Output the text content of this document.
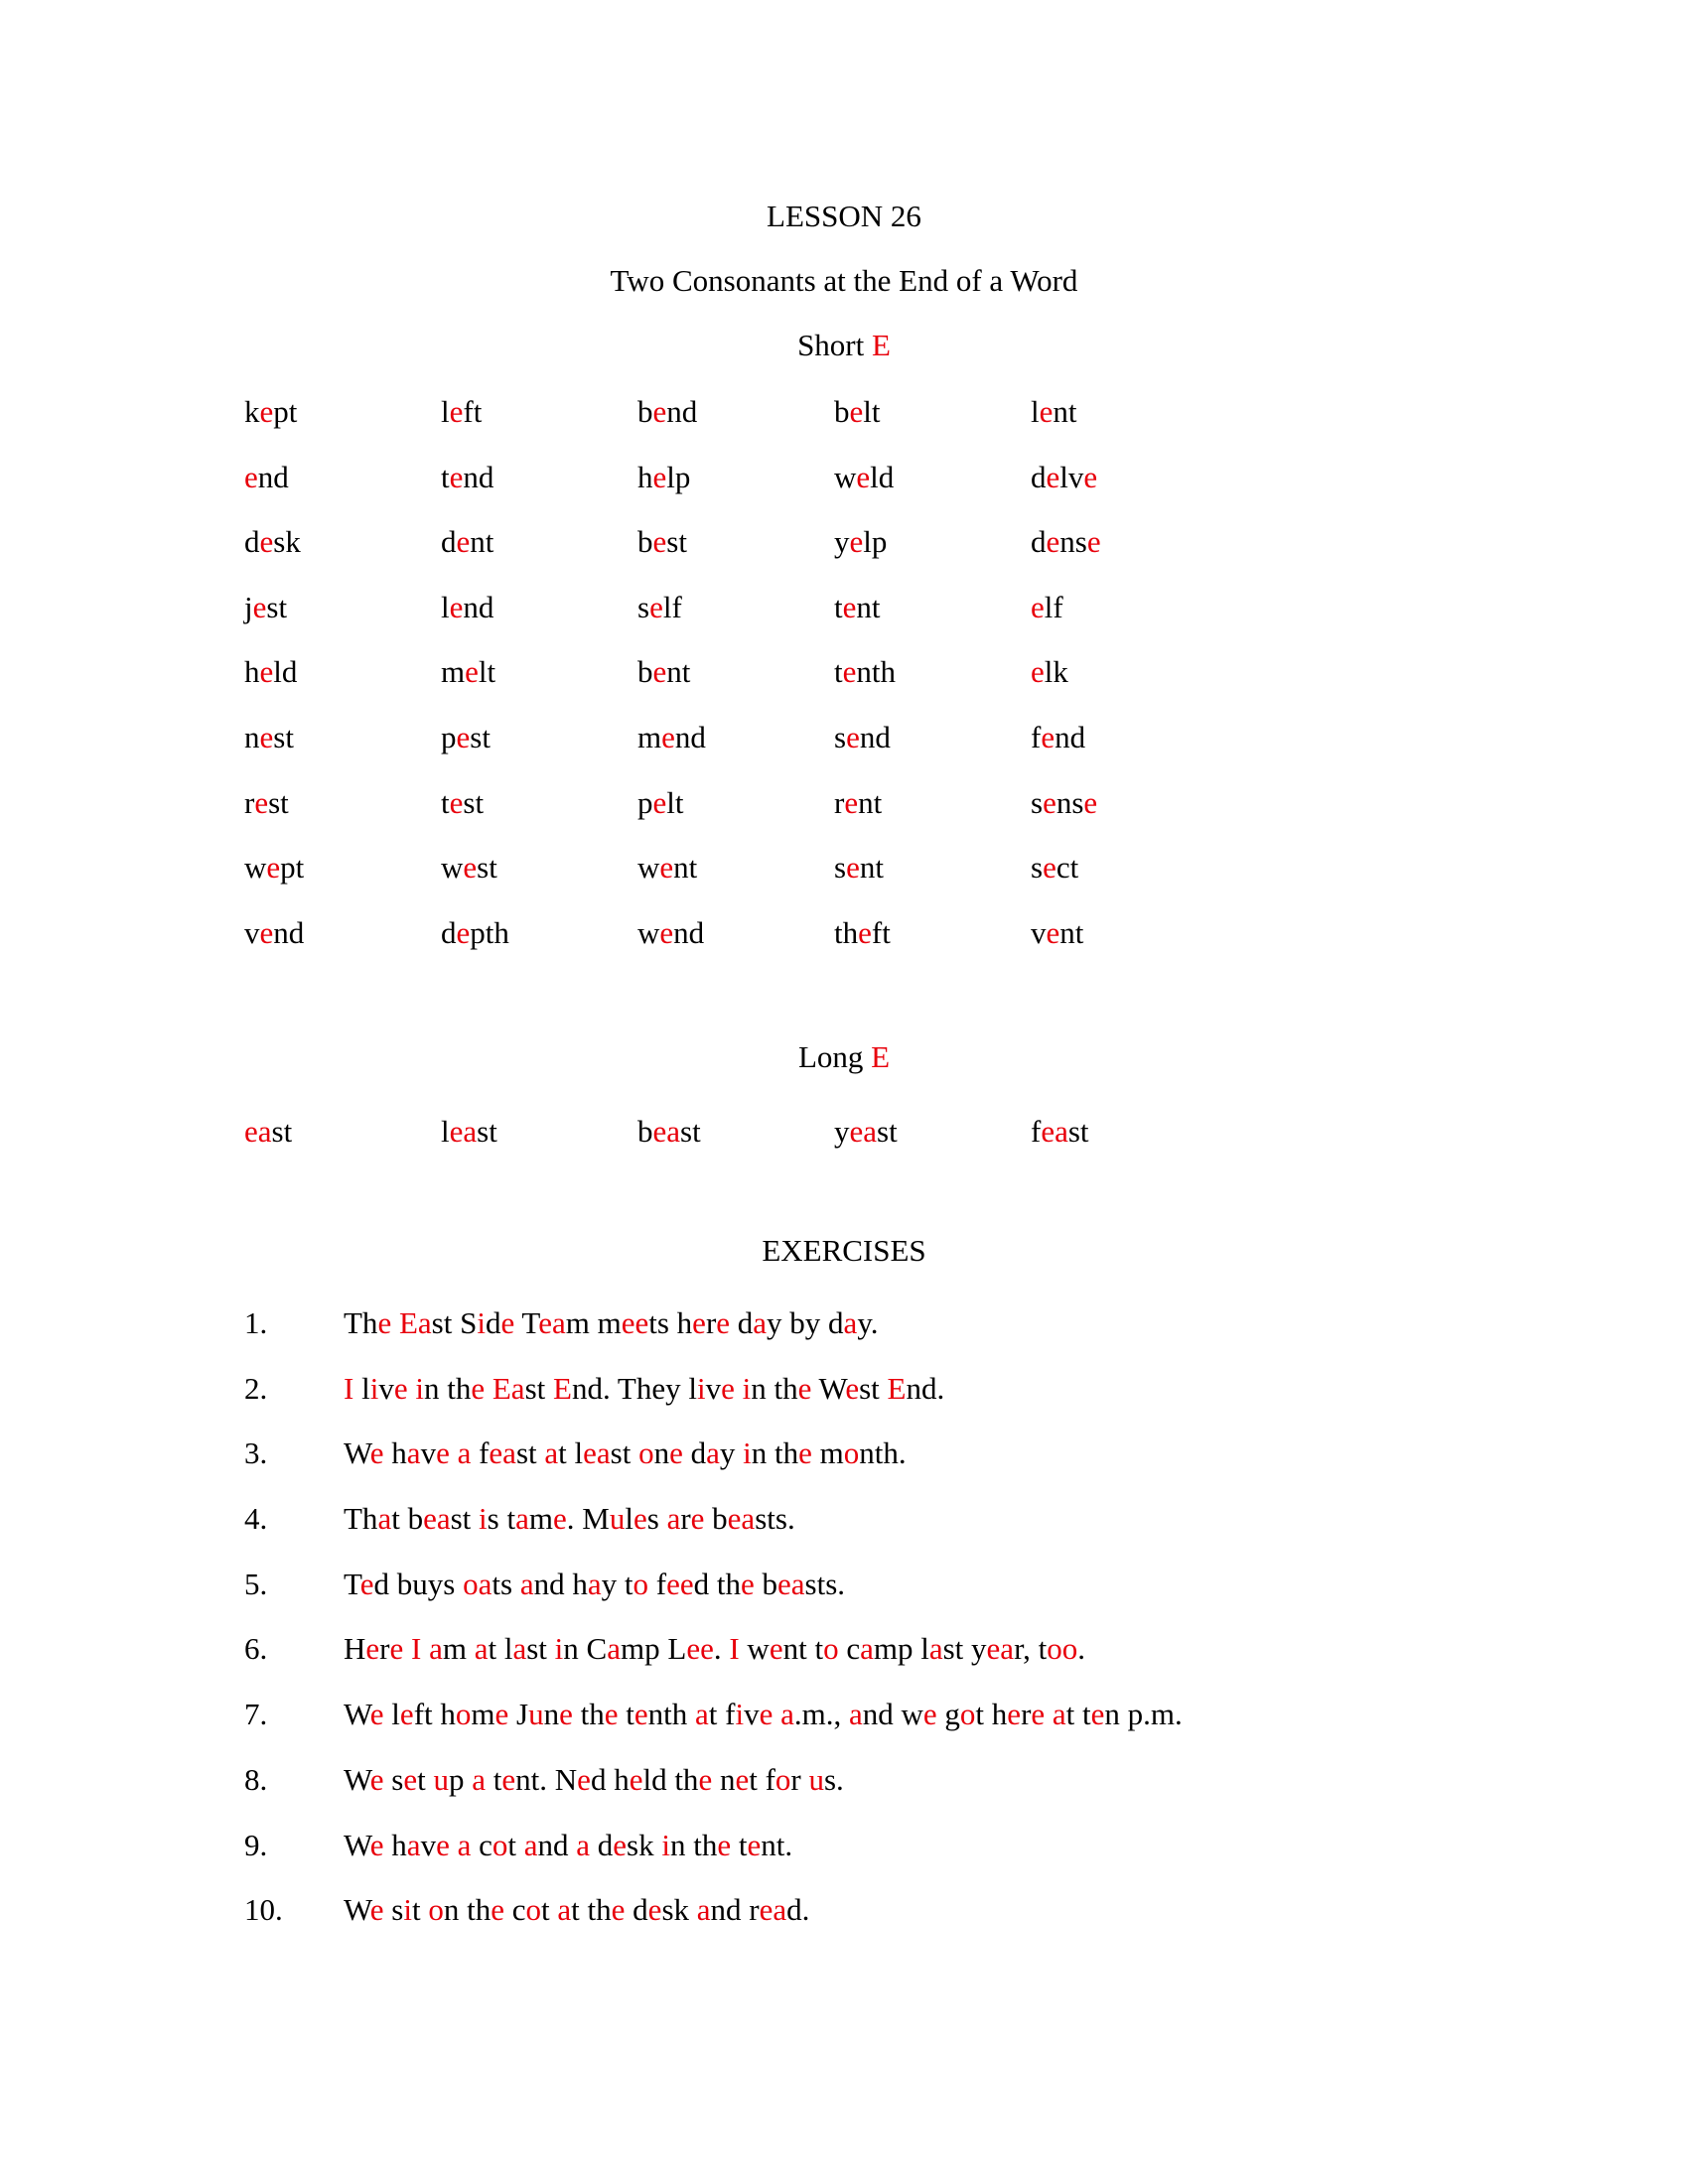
LESSON 26
Two Consonants at the End of a Word
Short E
kept	left	bend	belt	lent
end	tend	help	weld	delve
desk	dent	best	yelp	dense
jest	lend	self	tent	elf
held	melt	bent	tenth	elk
nest	pest	mend	send	fend
rest	test	pelt	rent	sense
wept	west	went	sent	sect
vend	depth	wend	theft	vent
Long E
east	least	beast	yeast	feast
EXERCISES
1. The East Side Team meets here day by day.
2. I live in the East End. They live in the West End.
3. We have a feast at least one day in the month.
4. That beast is tame. Mules are beasts.
5. Ted buys oats and hay to feed the beasts.
6. Here I am at last in Camp Lee. I went to camp last year, too.
7. We left home June the tenth at five a.m., and we got here at ten p.m.
8. We set up a tent. Ned held the net for us.
9. We have a cot and a desk in the tent.
10. We sit on the cot at the desk and read.
